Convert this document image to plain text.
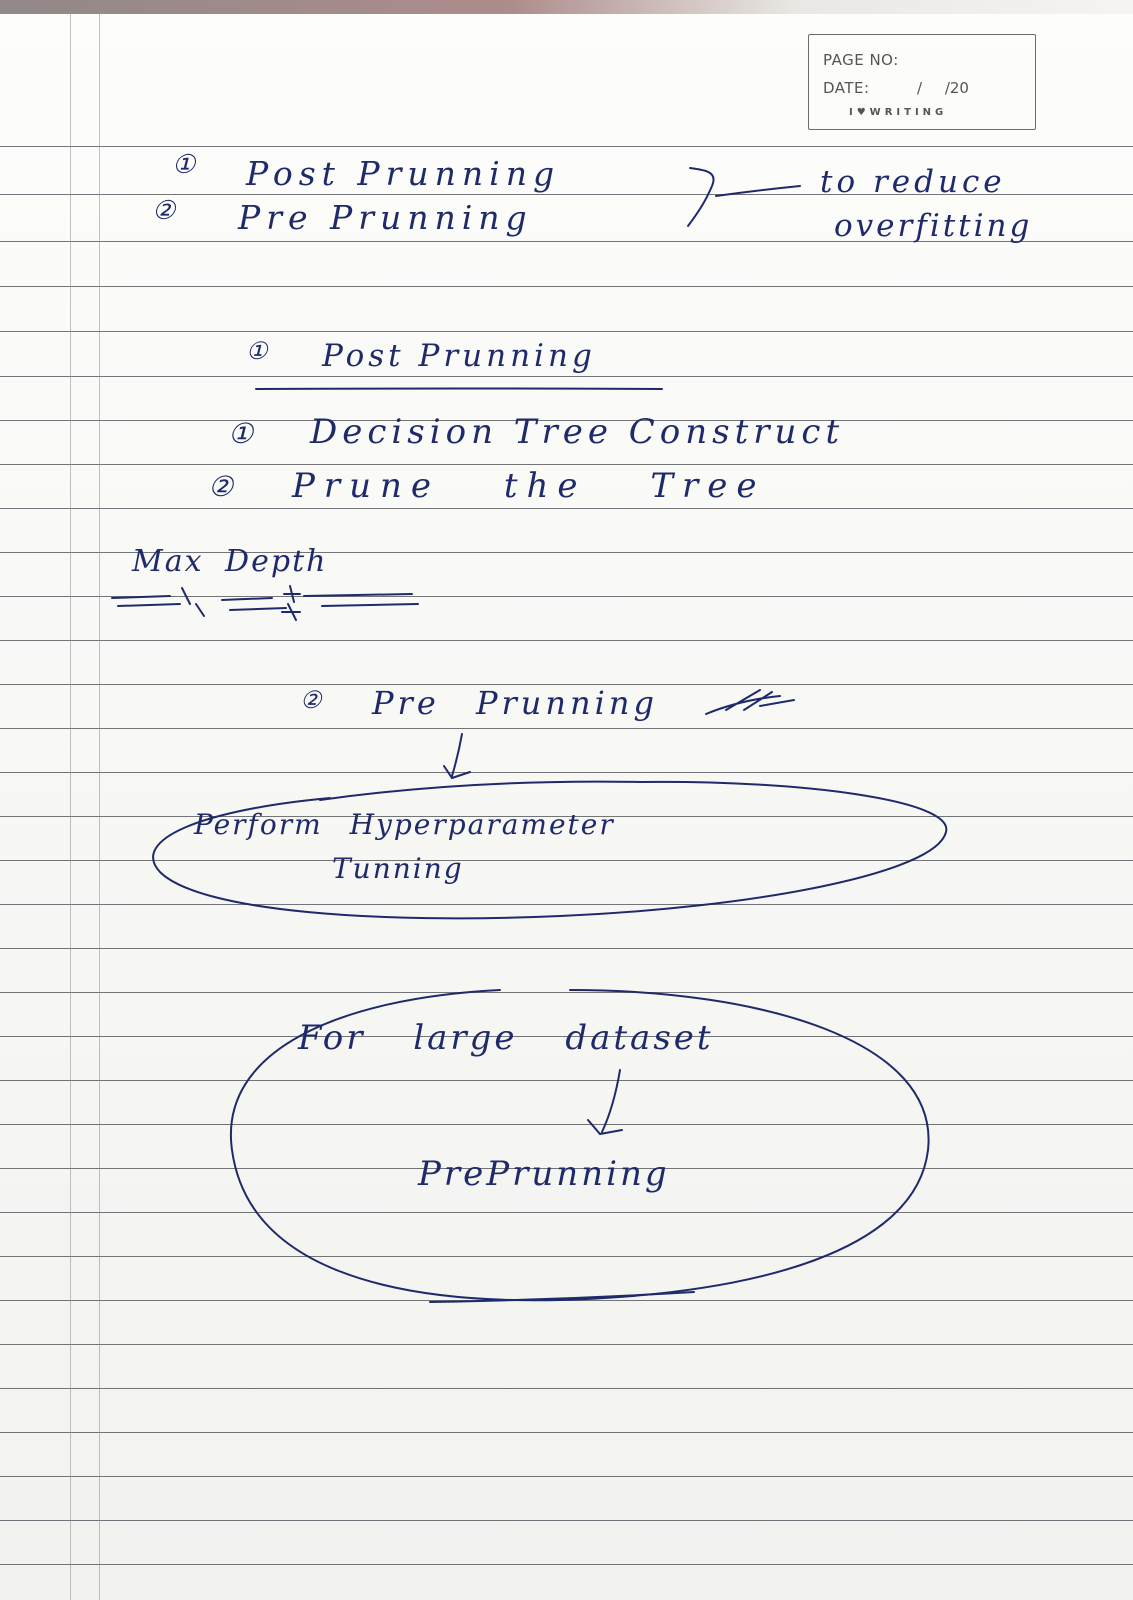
PAGE NO:
DATE:	/ /20
I♥WRITING
① Post Prunning
② Pre Prunning
to reduce
overfitting
① Post Prunning
① Decision Tree Construct
② Prune the Tree
Max Depth
② Pre Prunning
Perform Hyperparameter
Tunning
For large dataset
PrePrunning
